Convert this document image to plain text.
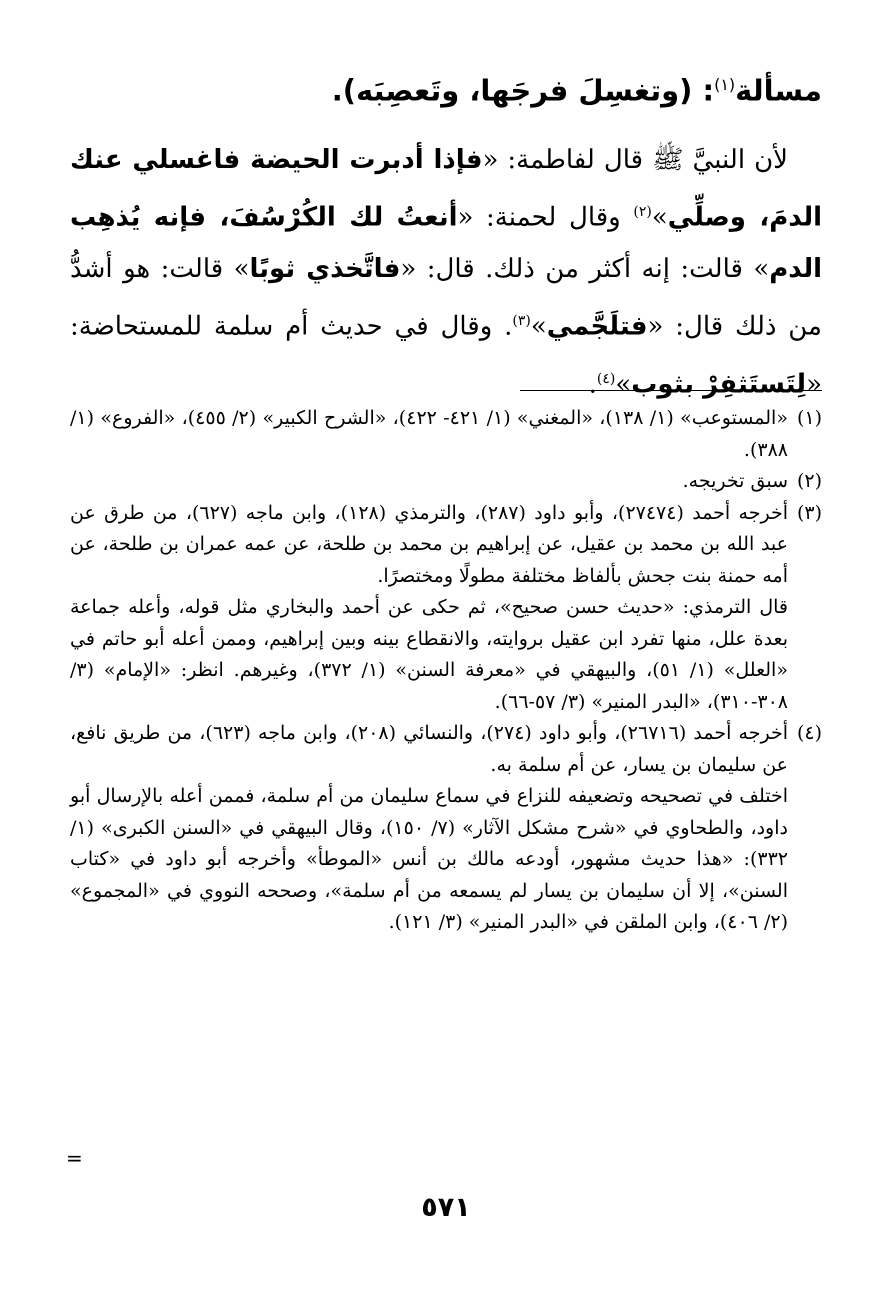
مسألة$^{(١)}$: (وتغسِلَ فرجَها، وتَعصِبَه).

لأن النبيَّ ﷺ قال لفاطمة: «فإذا أدبرت الحيضة فاغسلي عنك الدمَ، وصلِّي»$^{(٢)}$ وقال لحمنة: «أنعتُ لك الكُرْسُفَ، فإنه يُذهِب الدم» قالت: إنه أكثر من ذلك. قال: «فاتَّخذي ثوبًا» قالت: هو أشدُّ من ذلك قال: «فتلَجَّمي»$^{(٣)}$. وقال في حديث أم سلمة للمستحاضة: «لِتَستَثفِرْ بثوب»$^{(٤)}$.

(١)

«المستوعب» (١/ ١٣٨)، «المغني» (١/ ٤٢١- ٤٢٢)، «الشرح الكبير» (٢/ ٤٥٥)، «الفروع» (١/ ٣٨٨).

(٢)

سبق تخريجه.

(٣)

أخرجه أحمد (٢٧٤٧٤)، وأبو داود (٢٨٧)، والترمذي (١٢٨)، وابن ماجه (٦٢٧)، من طرق عن عبد الله بن محمد بن عقيل، عن إبراهيم بن محمد بن طلحة، عن عمه عمران بن طلحة، عن أمه حمنة بنت جحش بألفاظ مختلفة مطولًا ومختصرًا.

قال الترمذي: «حديث حسن صحيح»، ثم حكى عن أحمد والبخاري مثل قوله، وأعله جماعة بعدة علل، منها تفرد ابن عقيل بروايته، والانقطاع بينه وبين إبراهيم، وممن أعله أبو حاتم في «العلل» (١/ ٥١)، والبيهقي في «معرفة السنن» (١/ ٣٧٢)، وغيرهم. انظر: «الإمام» (٣/ ٣٠٨-٣١٠)، «البدر المنير» (٣/ ٥٧-٦٦).

(٤)

أخرجه أحمد (٢٦٧١٦)، وأبو داود (٢٧٤)، والنسائي (٢٠٨)، وابن ماجه (٦٢٣)، من طريق نافع، عن سليمان بن يسار، عن أم سلمة به.

اختلف في تصحيحه وتضعيفه للنزاع في سماع سليمان من أم سلمة، فممن أعله بالإرسال أبو داود، والطحاوي في «شرح مشكل الآثار» (٧/ ١٥٠)، وقال البيهقي في «السنن الكبرى» (١/ ٣٣٢): «هذا حديث مشهور، أودعه مالك بن أنس «الموطأ» وأخرجه أبو داود في «كتاب السنن»، إلا أن سليمان بن يسار لم يسمعه من أم سلمة»، وصححه النووي في «المجموع» (٢/ ٤٠٦)، وابن الملقن في «البدر المنير» (٣/ ١٢١).

=
٥٧١
